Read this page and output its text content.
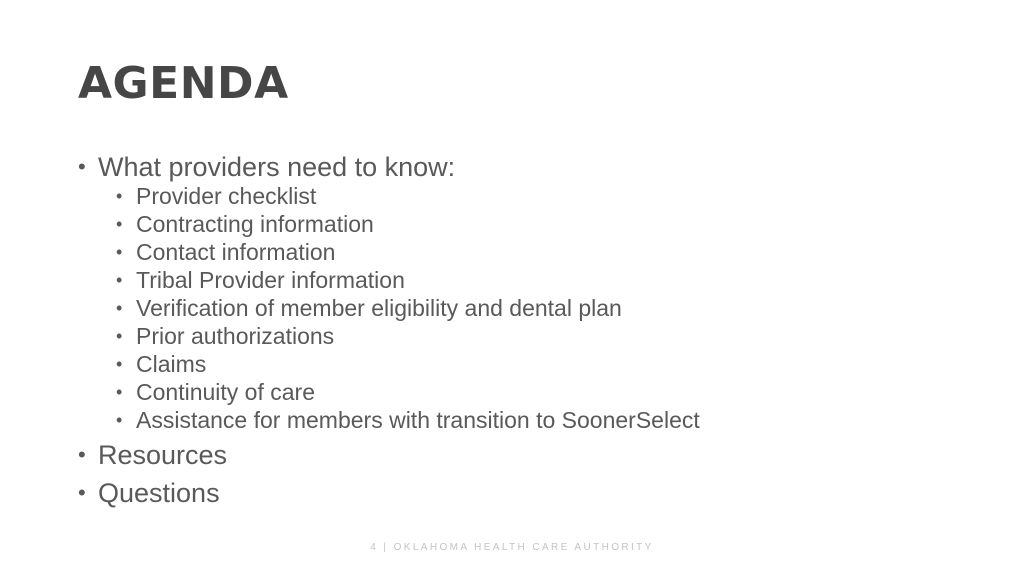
AGENDA
• What providers need to know:
• Provider checklist
• Contracting information
• Contact information
• Tribal Provider information
• Verification of member eligibility and dental plan
• Prior authorizations
• Claims
• Continuity of care
• Assistance for members with transition to SoonerSelect
• Resources
• Questions
4 | OKLAHOMA HEALTH CARE AUTHORITY
